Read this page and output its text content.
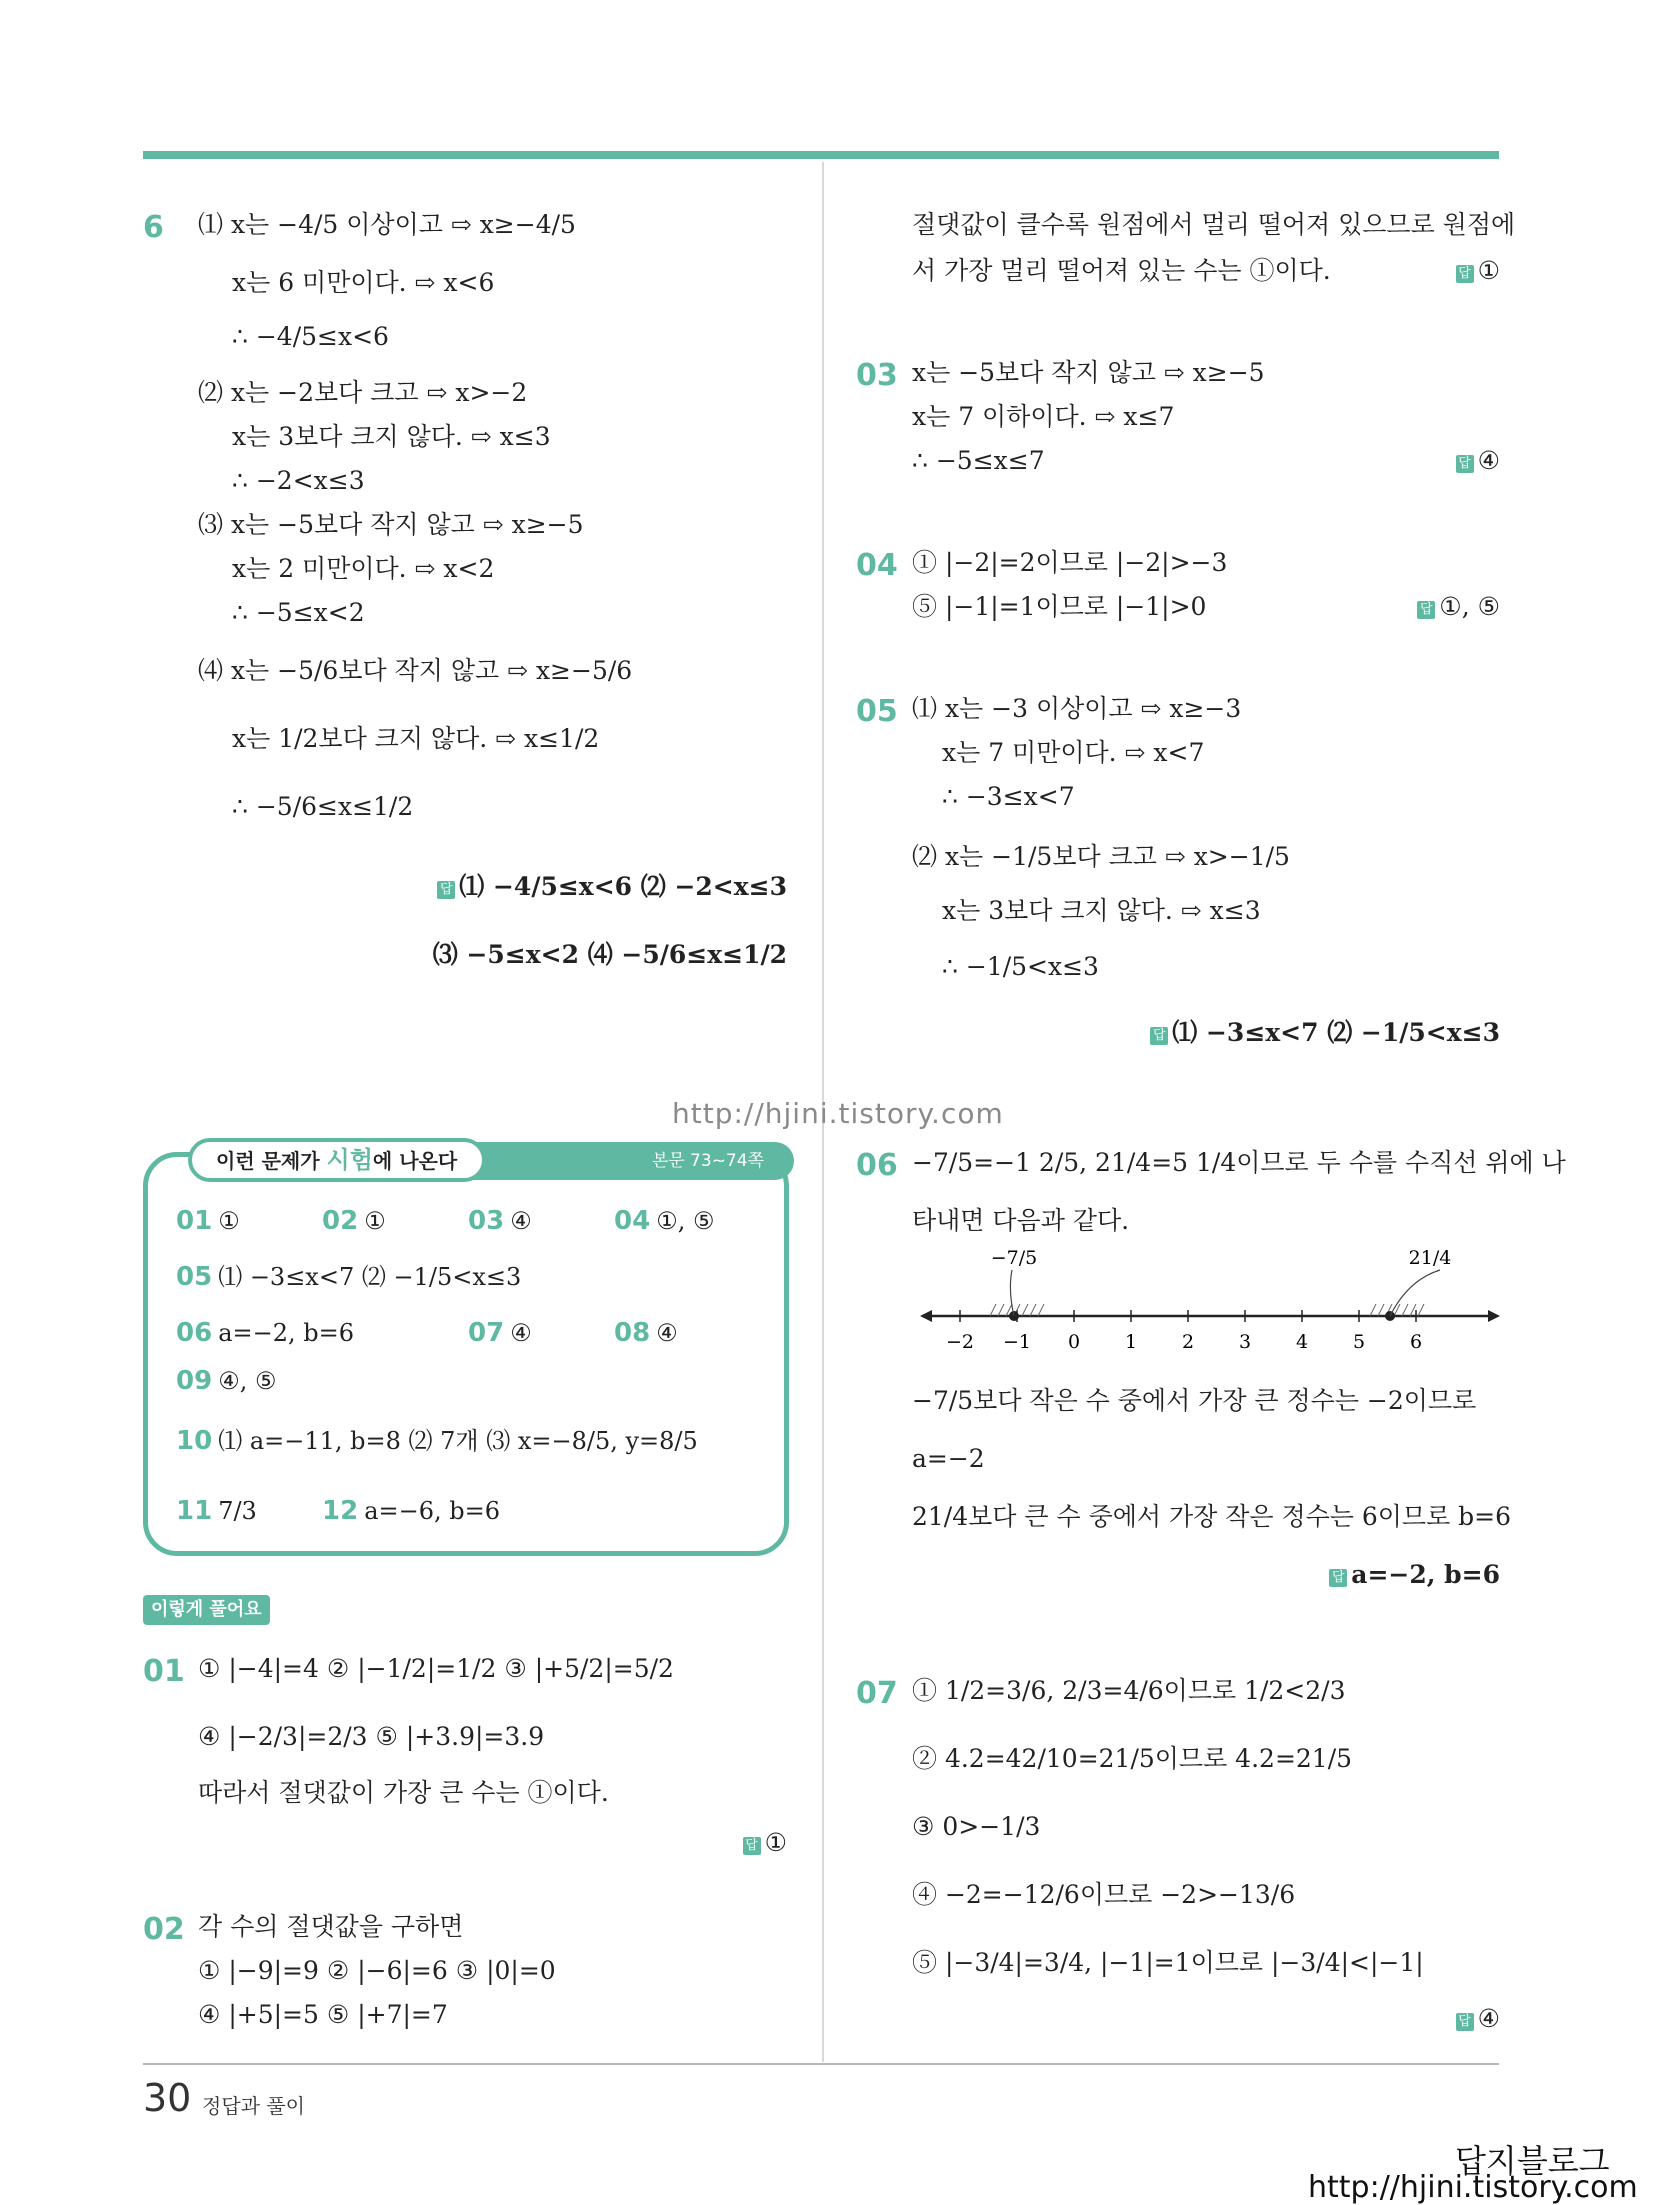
6 ⑴ x는 −4/5 이상이고 ⇨ x≥−4/5
x는 6 미만이다. ⇨ x<6
∴ −4/5≤x<6
⑵ x는 −2보다 크고 ⇨ x>−2
x는 3보다 크지 않다. ⇨ x≤3
∴ −2<x≤3
⑶ x는 −5보다 작지 않고 ⇨ x≥−5
x는 2 미만이다. ⇨ x<2
∴ −5≤x<2
⑷ x는 −5/6보다 작지 않고 ⇨ x≥−5/6
x는 1/2보다 크지 않다. ⇨ x≤1/2
∴ −5/6≤x≤1/2
답 ⑴ −4/5≤x<6 ⑵ −2<x≤3
⑶ −5≤x<2 ⑷ −5/6≤x≤1/2
http://hjini.tistory.com
본문 73~74쪽
이런 문제가 시험에 나온다
01 ①	02 ①	03 ④	04 ①, ⑤
05 ⑴ −3≤x<7 ⑵ −1/5<x≤3
06 a=−2, b=6	07 ④	08 ④
09 ④, ⑤
10 ⑴ a=−11, b=8 ⑵ 7개 ⑶ x=−8/5, y=8/5
11 7/3	12 a=−6, b=6
이렇게 풀어요
01 ① |−4|=4 ② |−1/2|=1/2 ③ |+5/2|=5/2
④ |−2/3|=2/3 ⑤ |+3.9|=3.9
따라서 절댓값이 가장 큰 수는 ①이다.
답 ①
02 각 수의 절댓값을 구하면
① |−9|=9 ② |−6|=6 ③ |0|=0
④ |+5|=5 ⑤ |+7|=7
절댓값이 클수록 원점에서 멀리 떨어져 있으므로 원점에
서 가장 멀리 떨어져 있는 수는 ①이다.	답 ①
03 x는 −5보다 작지 않고 ⇨ x≥−5
x는 7 이하이다. ⇨ x≤7
∴ −5≤x≤7	답 ④
04 ① |−2|=2이므로 |−2|>−3
⑤ |−1|=1이므로 |−1|>0	답 ①, ⑤
05 ⑴ x는 −3 이상이고 ⇨ x≥−3
x는 7 미만이다. ⇨ x<7
∴ −3≤x<7
⑵ x는 −1/5보다 크고 ⇨ x>−1/5
x는 3보다 크지 않다. ⇨ x≤3
∴ −1/5<x≤3
답 ⑴ −3≤x<7 ⑵ −1/5<x≤3
06 −7/5=−1 2/5, 21/4=5 1/4이므로 두 수를 수직선 위에 나
타내면 다음과 같다.
−2 −1 0 1 2 3 4 5 6
−7/5	21/4
−7/5보다 작은 수 중에서 가장 큰 정수는 −2이므로
a=−2
21/4보다 큰 수 중에서 가장 작은 정수는 6이므로 b=6
답 a=−2, b=6
07 ① 1/2=3/6, 2/3=4/6이므로 1/2<2/3
② 4.2=42/10=21/5이므로 4.2=21/5
③ 0>−1/3
④ −2=−12/6이므로 −2>−13/6
⑤ |−3/4|=3/4, |−1|=1이므로 |−3/4|<|−1|
답 ④
30 정답과 풀이
답지블로그
http://hjini.tistory.com
